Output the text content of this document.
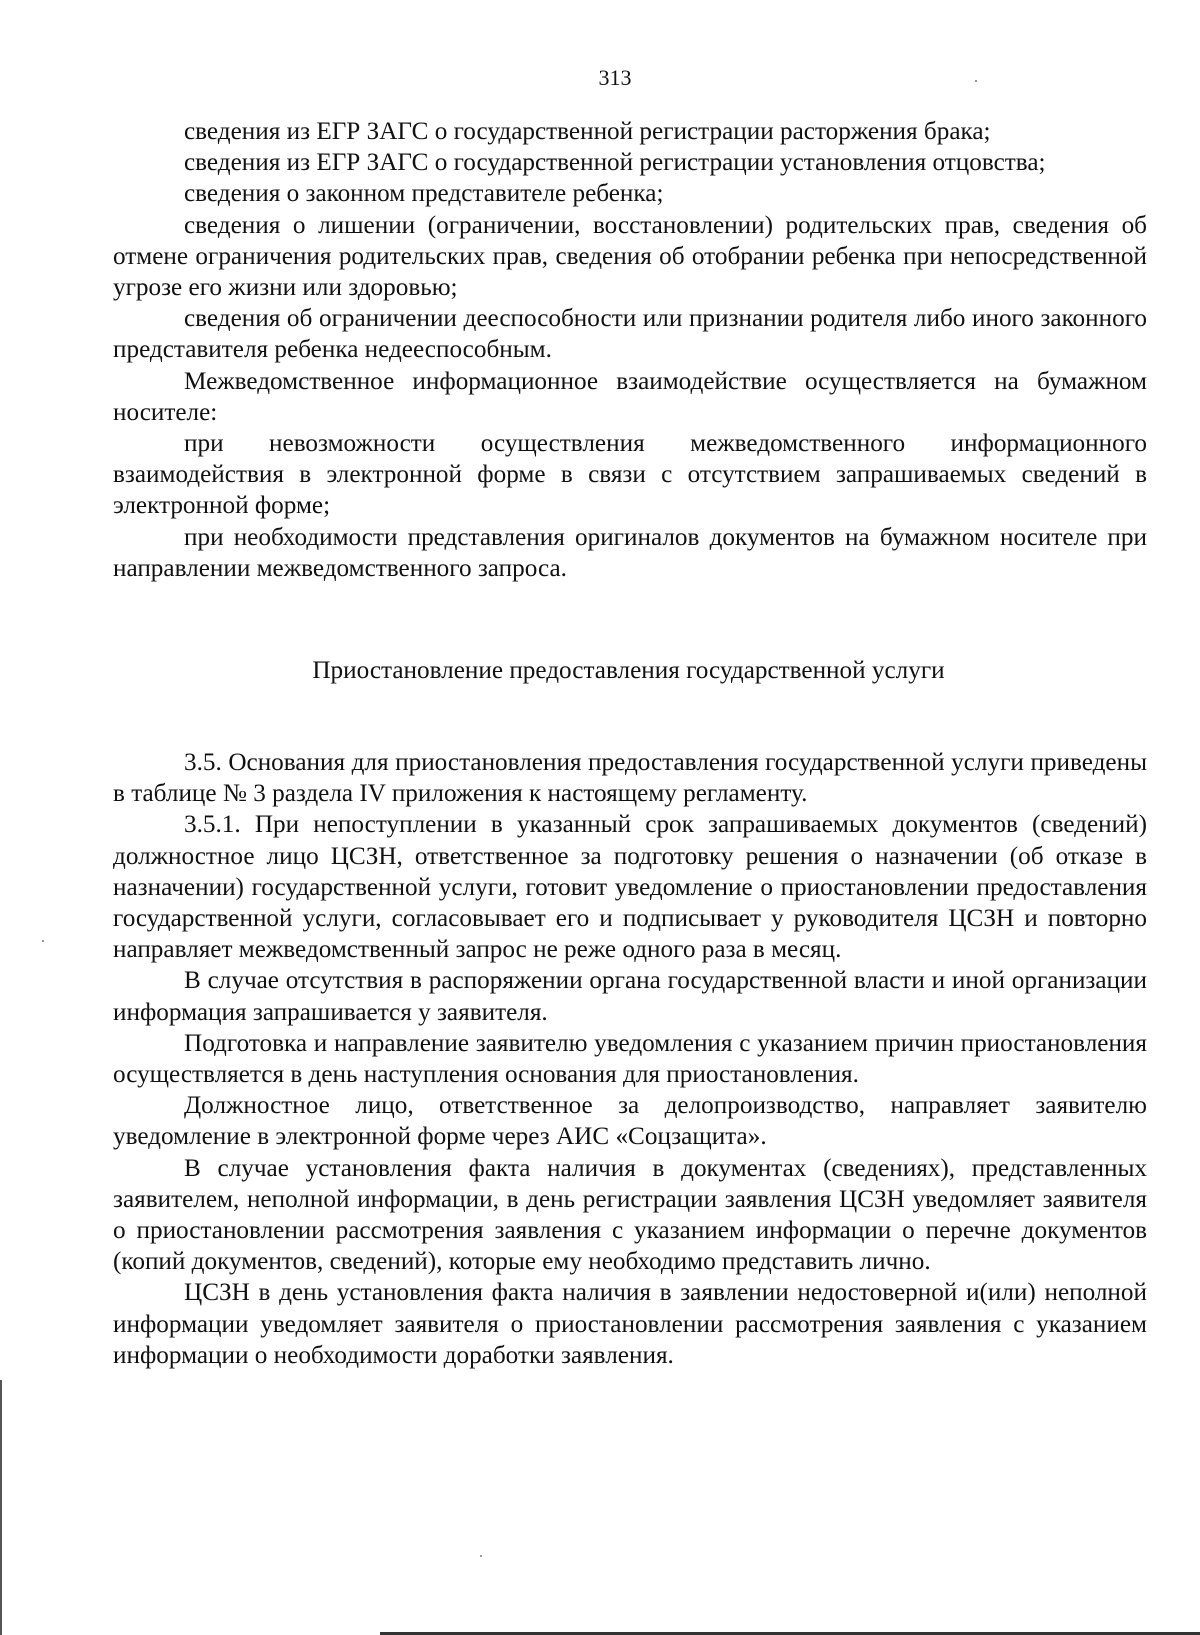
313

сведения из ЕГР ЗАГС о государственной регистрации расторжения брака;

сведения из ЕГР ЗАГС о государственной регистрации установления отцовства;

сведения о законном представителе ребенка;

сведения о лишении (ограничении, восстановлении) родительских прав, сведения об отмене ограничения родительских прав, сведения об отобрании ребенка при непосредственной угрозе его жизни или здоровью;

сведения об ограничении дееспособности или признании родителя либо иного законного представителя ребенка недееспособным.

Межведомственное информационное взаимодействие осуществляется на бумажном носителе:

при невозможности осуществления межведомственного информационного взаимодействия в электронной форме в связи с отсутствием запрашиваемых сведений в электронной форме;

при необходимости представления оригиналов документов на бумажном носителе при направлении межведомственного запроса.

Приостановление предоставления государственной услуги

3.5. Основания для приостановления предоставления государственной услуги приведены в таблице № 3 раздела IV приложения к настоящему регламенту.

3.5.1. При непоступлении в указанный срок запрашиваемых документов (сведений) должностное лицо ЦСЗН, ответственное за подготовку решения о назначении (об отказе в назначении) государственной услуги, готовит уведомление о приостановлении предоставления государственной услуги, согласовывает его и подписывает у руководителя ЦСЗН и повторно направляет межведомственный запрос не реже одного раза в месяц.

В случае отсутствия в распоряжении органа государственной власти и иной организации информация запрашивается у заявителя.

Подготовка и направление заявителю уведомления с указанием причин приостановления осуществляется в день наступления основания для приостановления.

Должностное лицо, ответственное за делопроизводство, направляет заявителю уведомление в электронной форме через АИС «Соцзащита».

В случае установления факта наличия в документах (сведениях), представленных заявителем, неполной информации, в день регистрации заявления ЦСЗН уведомляет заявителя о приостановлении рассмотрения заявления с указанием информации о перечне документов (копий документов, сведений), которые ему необходимо представить лично.

ЦСЗН в день установления факта наличия в заявлении недостоверной и(или) неполной информации уведомляет заявителя о приостановлении рассмотрения заявления с указанием информации о необходимости доработки заявления.
